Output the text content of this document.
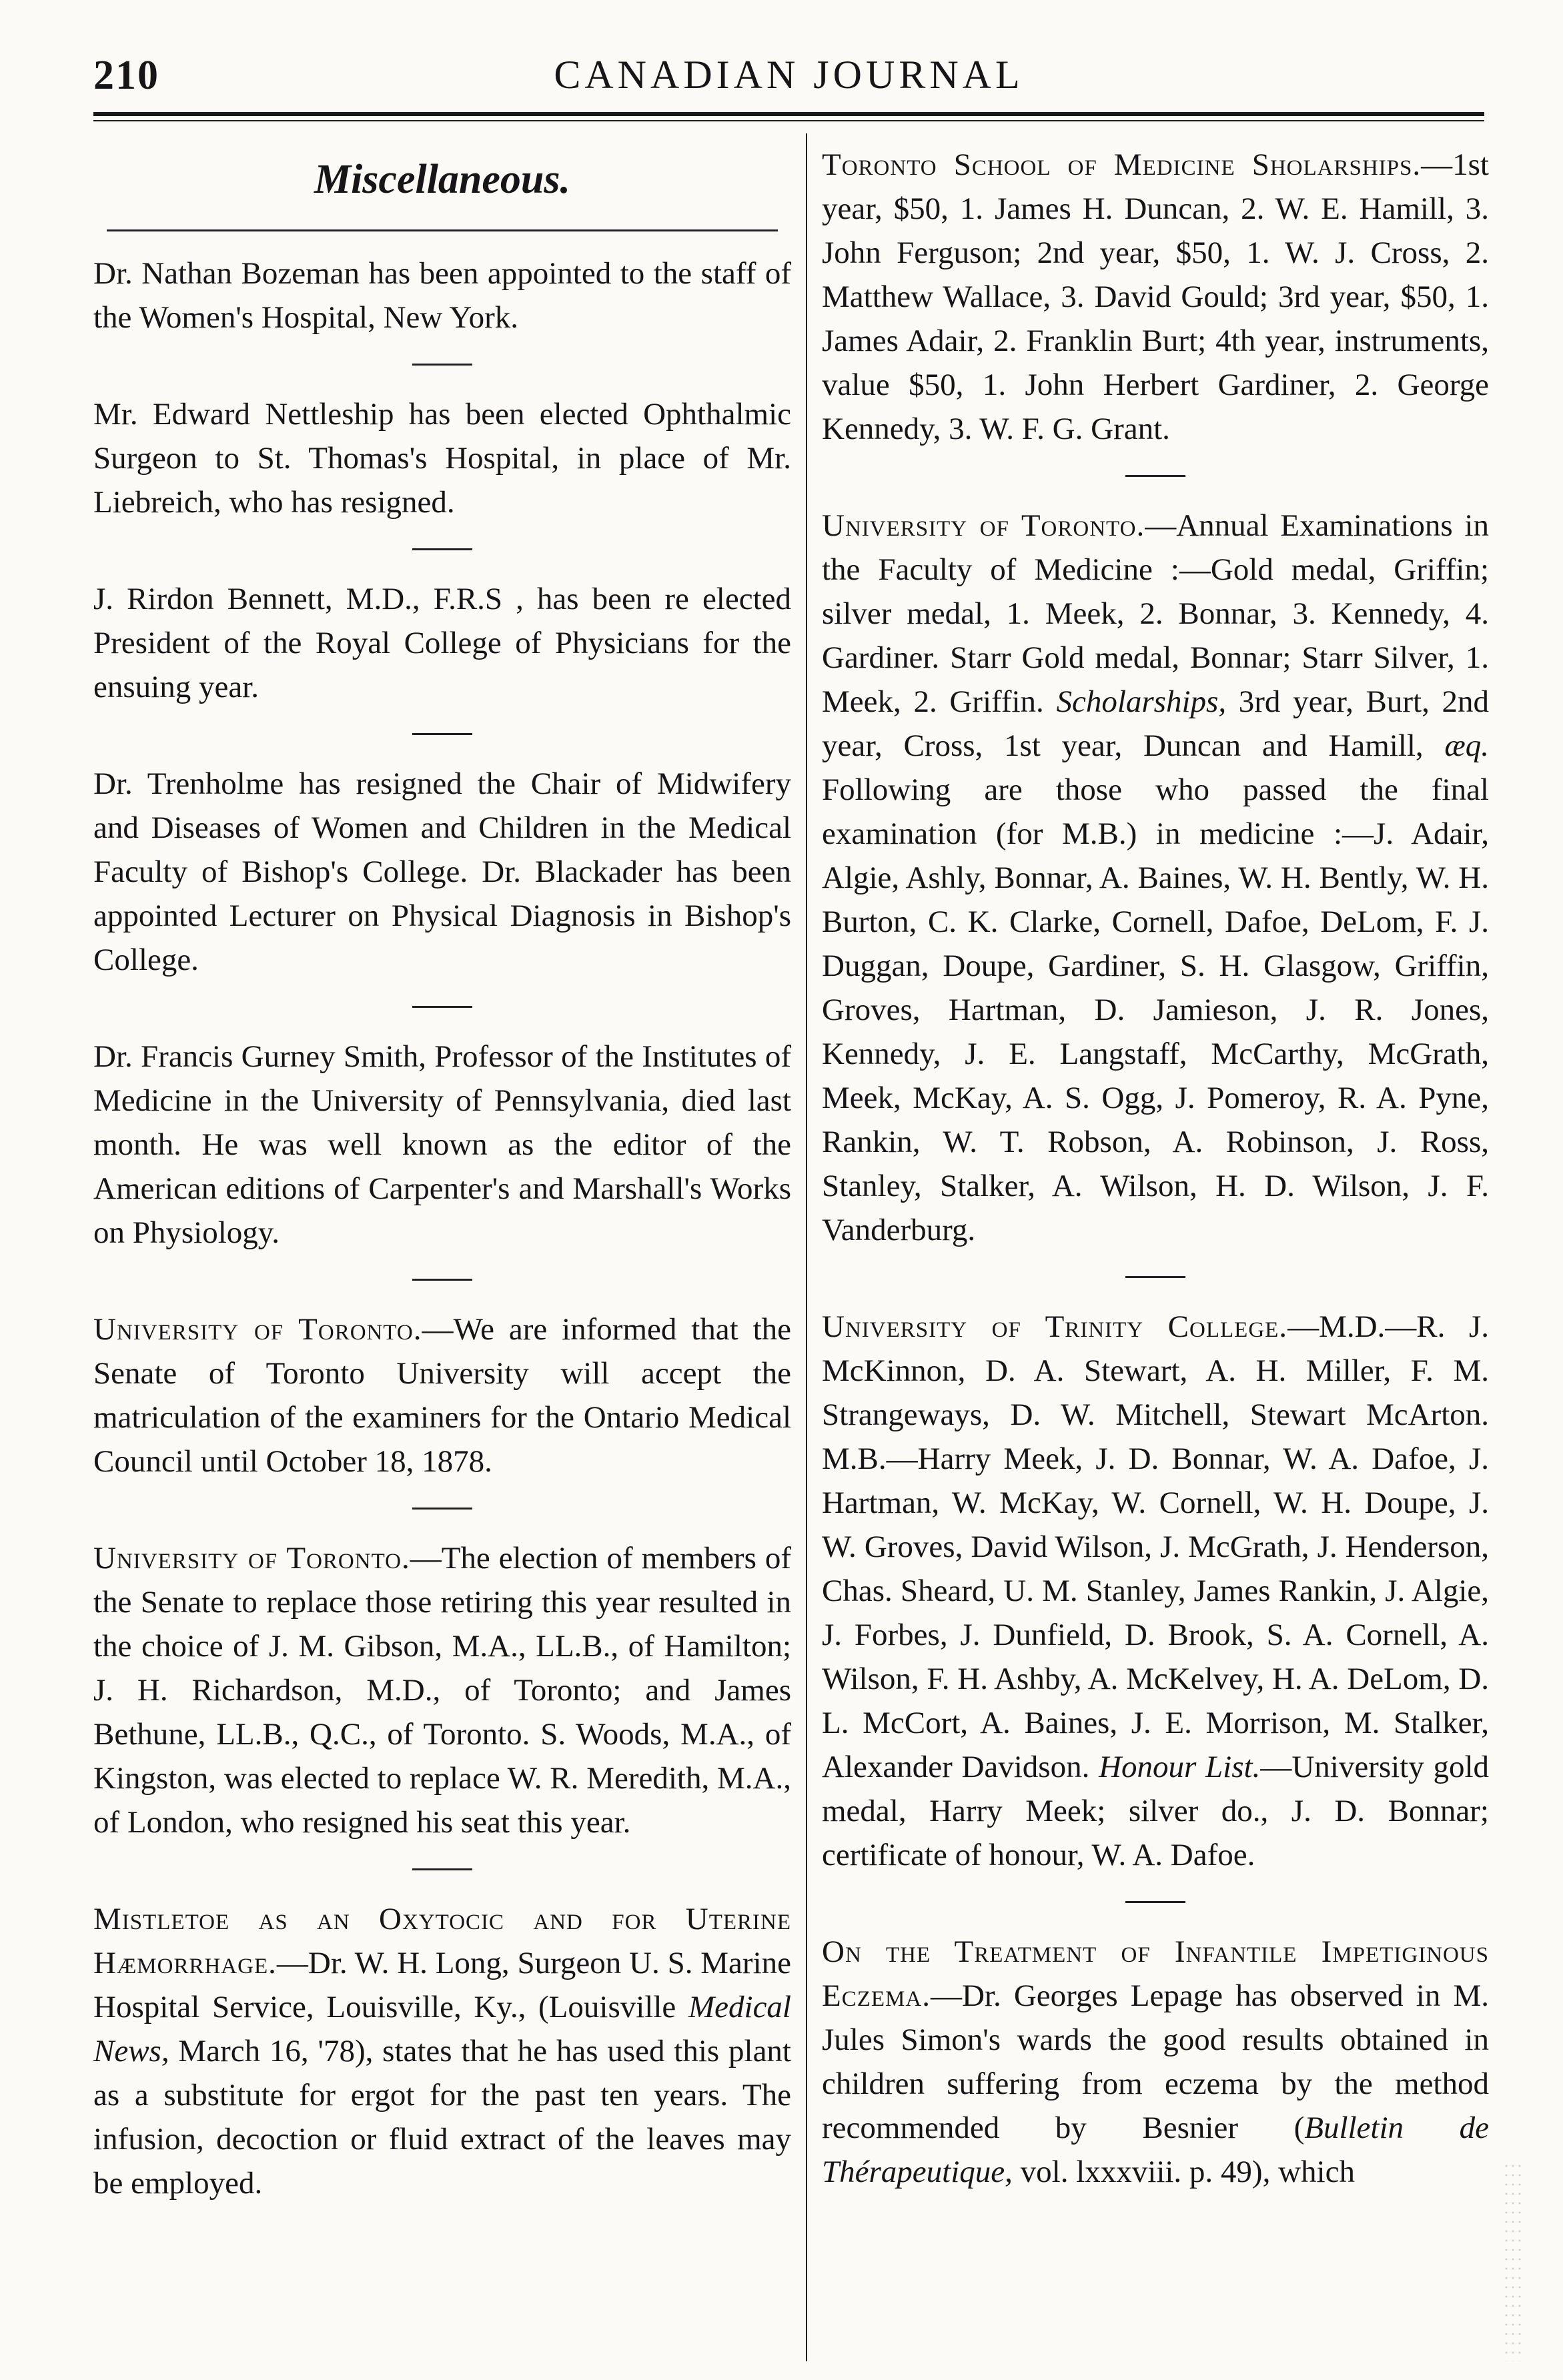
210	CANADIAN JOURNAL
Miscellaneous.

Dr. Nathan Bozeman has been appointed to the staff of the Women's Hospital, New York.

Mr. Edward Nettleship has been elected Ophthalmic Surgeon to St. Thomas's Hospital, in place of Mr. Liebreich, who has resigned.

J. Rirdon Bennett, M.D., F.R.S , has been re elected President of the Royal College of Physicians for the ensuing year.

Dr. Trenholme has resigned the Chair of Midwifery and Diseases of Women and Children in the Medical Faculty of Bishop's College. Dr. Blackader has been appointed Lecturer on Physical Diagnosis in Bishop's College.

Dr. Francis Gurney Smith, Professor of the Institutes of Medicine in the University of Pennsylvania, died last month. He was well known as the editor of the American editions of Carpenter's and Marshall's Works on Physiology.

University of Toronto.—We are informed that the Senate of Toronto University will accept the matriculation of the examiners for the Ontario Medical Council until October 18, 1878.

University of Toronto.—The election of members of the Senate to replace those retiring this year resulted in the choice of J. M. Gibson, M.A., LL.B., of Hamilton; J. H. Richardson, M.D., of Toronto; and James Bethune, LL.B., Q.C., of Toronto. S. Woods, M.A., of Kingston, was elected to replace W. R. Meredith, M.A., of London, who resigned his seat this year.

Mistletoe as an Oxytocic and for Uterine Hæmorrhage.—Dr. W. H. Long, Surgeon U. S. Marine Hospital Service, Louisville, Ky., (Louisville Medical News, March 16, '78), states that he has used this plant as a substitute for ergot for the past ten years. The infusion, decoction or fluid extract of the leaves may be employed.

Toronto School of Medicine Sholarships.—1st year, $50, 1. James H. Duncan, 2. W. E. Hamill, 3. John Ferguson; 2nd year, $50, 1. W. J. Cross, 2. Matthew Wallace, 3. David Gould; 3rd year, $50, 1. James Adair, 2. Franklin Burt; 4th year, instruments, value $50, 1. John Herbert Gardiner, 2. George Kennedy, 3. W. F. G. Grant.

University of Toronto.—Annual Examinations in the Faculty of Medicine :—Gold medal, Griffin; silver medal, 1. Meek, 2. Bonnar, 3. Kennedy, 4. Gardiner. Starr Gold medal, Bonnar; Starr Silver, 1. Meek, 2. Griffin. Scholarships, 3rd year, Burt, 2nd year, Cross, 1st year, Duncan and Hamill, æq. Following are those who passed the final examination (for M.B.) in medicine :—J. Adair, Algie, Ashly, Bonnar, A. Baines, W. H. Bently, W. H. Burton, C. K. Clarke, Cornell, Dafoe, DeLom, F. J. Duggan, Doupe, Gardiner, S. H. Glasgow, Griffin, Groves, Hartman, D. Jamieson, J. R. Jones, Kennedy, J. E. Langstaff, McCarthy, McGrath, Meek, McKay, A. S. Ogg, J. Pomeroy, R. A. Pyne, Rankin, W. T. Robson, A. Robinson, J. Ross, Stanley, Stalker, A. Wilson, H. D. Wilson, J. F. Vanderburg.

University of Trinity College.—M.D.—R. J. McKinnon, D. A. Stewart, A. H. Miller, F. M. Strangeways, D. W. Mitchell, Stewart McArton. M.B.—Harry Meek, J. D. Bonnar, W. A. Dafoe, J. Hartman, W. McKay, W. Cornell, W. H. Doupe, J. W. Groves, David Wilson, J. McGrath, J. Henderson, Chas. Sheard, U. M. Stanley, James Rankin, J. Algie, J. Forbes, J. Dunfield, D. Brook, S. A. Cornell, A. Wilson, F. H. Ashby, A. McKelvey, H. A. DeLom, D. L. McCort, A. Baines, J. E. Morrison, M. Stalker, Alexander Davidson. Honour List.—University gold medal, Harry Meek; silver do., J. D. Bonnar; certificate of honour, W. A. Dafoe.

On the Treatment of Infantile Impetiginous Eczema.—Dr. Georges Lepage has observed in M. Jules Simon's wards the good results obtained in children suffering from eczema by the method recommended by Besnier (Bulletin de Thérapeutique, vol. lxxxviii. p. 49), which
